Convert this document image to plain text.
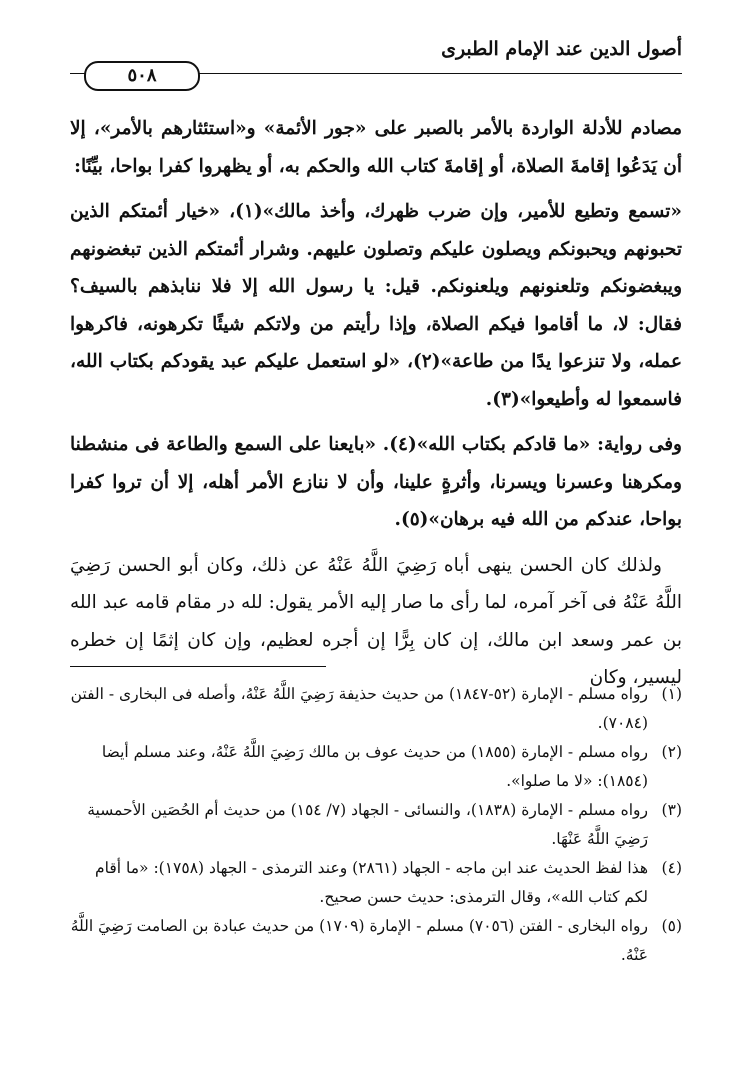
أصول الدين عند الإمام الطبرى
٥٠٨

مصادم للأدلة الواردة بالأمر بالصبر على «جور الأئمة» و«استئثارهم بالأمر»، إلا أن يَدَعُوا إقامةَ الصلاة، أو إقامةَ كتاب الله والحكم به، أو يظهروا كفرا بواحا، بيِّنًا:

«تسمع وتطيع للأمير، وإن ضرب ظهرك، وأخذ مالك»(١)، «خيار أئمتكم الذين تحبونهم ويحبونكم ويصلون عليكم وتصلون عليهم. وشرار أئمتكم الذين تبغضونهم ويبغضونكم وتلعنونهم ويلعنونكم. قيل: يا رسول الله إلا فلا ننابذهم بالسيف؟ فقال: لا، ما أقاموا فيكم الصلاة، وإذا رأيتم من ولاتكم شيئًا تكرهونه، فاكرهوا عمله، ولا تنزعوا يدًا من طاعة»(٢)، «لو استعمل عليكم عبد يقودكم بكتاب الله، فاسمعوا له وأطيعوا»(٣).

وفى رواية: «ما قادكم بكتاب الله»(٤). «بايعنا على السمع والطاعة فى منشطنا ومكرهنا وعسرنا ويسرنا، وأثرةٍ علينا، وأن لا ننازع الأمر أهله، إلا أن تروا كفرا بواحا، عندكم من الله فيه برهان»(٥).

ولذلك كان الحسن ينهى أباه رَضِيَ اللَّهُ عَنْهُ عن ذلك، وكان أبو الحسن رَضِيَ اللَّهُ عَنْهُ فى آخر آمره، لما رأى ما صار إليه الأمر يقول: لله در مقام قامه عبد الله بن عمر وسعد ابن مالك، إن كان بِرًّا إن أجره لعظيم، وإن كان إثمًا إن خطره ليسير، وكان

(١)
رواه مسلم - الإمارة (٥٢-١٨٤٧) من حديث حذيفة رَضِيَ اللَّهُ عَنْهُ، وأصله فى البخارى - الفتن (٧٠٨٤).
(٢)
رواه مسلم - الإمارة (١٨٥٥) من حديث عوف بن مالك رَضِيَ اللَّهُ عَنْهُ، وعند مسلم أيضا (١٨٥٤): «لا ما صلوا».
(٣)
رواه مسلم - الإمارة (١٨٣٨)، والنسائى - الجهاد (٧/ ١٥٤) من حديث أم الحُصَين الأحمسية رَضِيَ اللَّهُ عَنْهَا.
(٤)
هذا لفظ الحديث عند ابن ماجه - الجهاد (٢٨٦١) وعند الترمذى - الجهاد (١٧٥٨): «ما أقام لكم كتاب الله»، وقال الترمذى: حديث حسن صحيح.
(٥)
رواه البخارى - الفتن (٧٠٥٦) مسلم - الإمارة (١٧٠٩) من حديث عبادة بن الصامت رَضِيَ اللَّهُ عَنْهُ.
